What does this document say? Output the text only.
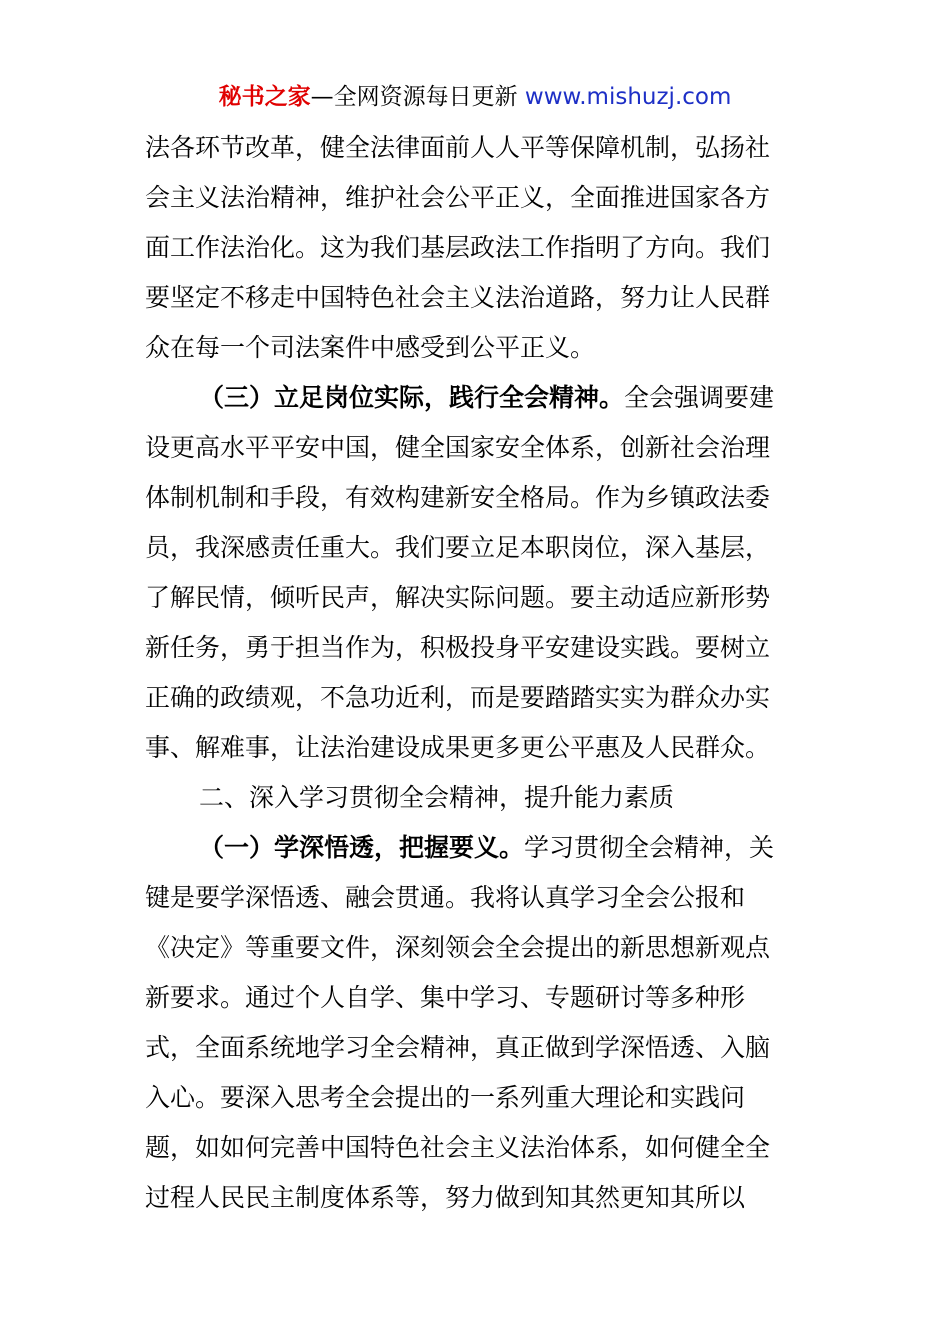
秘书之家—全网资源每日更新 www.mishuzj.com
法各环节改革，健全法律面前人人平等保障机制，弘扬社
会主义法治精神，维护社会公平正义，全面推进国家各方
面工作法治化。这为我们基层政法工作指明了方向。我们
要坚定不移走中国特色社会主义法治道路，努力让人民群
众在每一个司法案件中感受到公平正义。
（三）立足岗位实际，践行全会精神。全会强调要建
设更高水平平安中国，健全国家安全体系，创新社会治理
体制机制和手段，有效构建新安全格局。作为乡镇政法委
员，我深感责任重大。我们要立足本职岗位，深入基层，
了解民情，倾听民声，解决实际问题。要主动适应新形势
新任务，勇于担当作为，积极投身平安建设实践。要树立
正确的政绩观，不急功近利，而是要踏踏实实为群众办实
事、解难事，让法治建设成果更多更公平惠及人民群众。
二、深入学习贯彻全会精神，提升能力素质
（一）学深悟透，把握要义。学习贯彻全会精神，关
键是要学深悟透、融会贯通。我将认真学习全会公报和
《决定》等重要文件，深刻领会全会提出的新思想新观点
新要求。通过个人自学、集中学习、专题研讨等多种形
式，全面系统地学习全会精神，真正做到学深悟透、入脑
入心。要深入思考全会提出的一系列重大理论和实践问
题，如如何完善中国特色社会主义法治体系，如何健全全
过程人民民主制度体系等，努力做到知其然更知其所以
